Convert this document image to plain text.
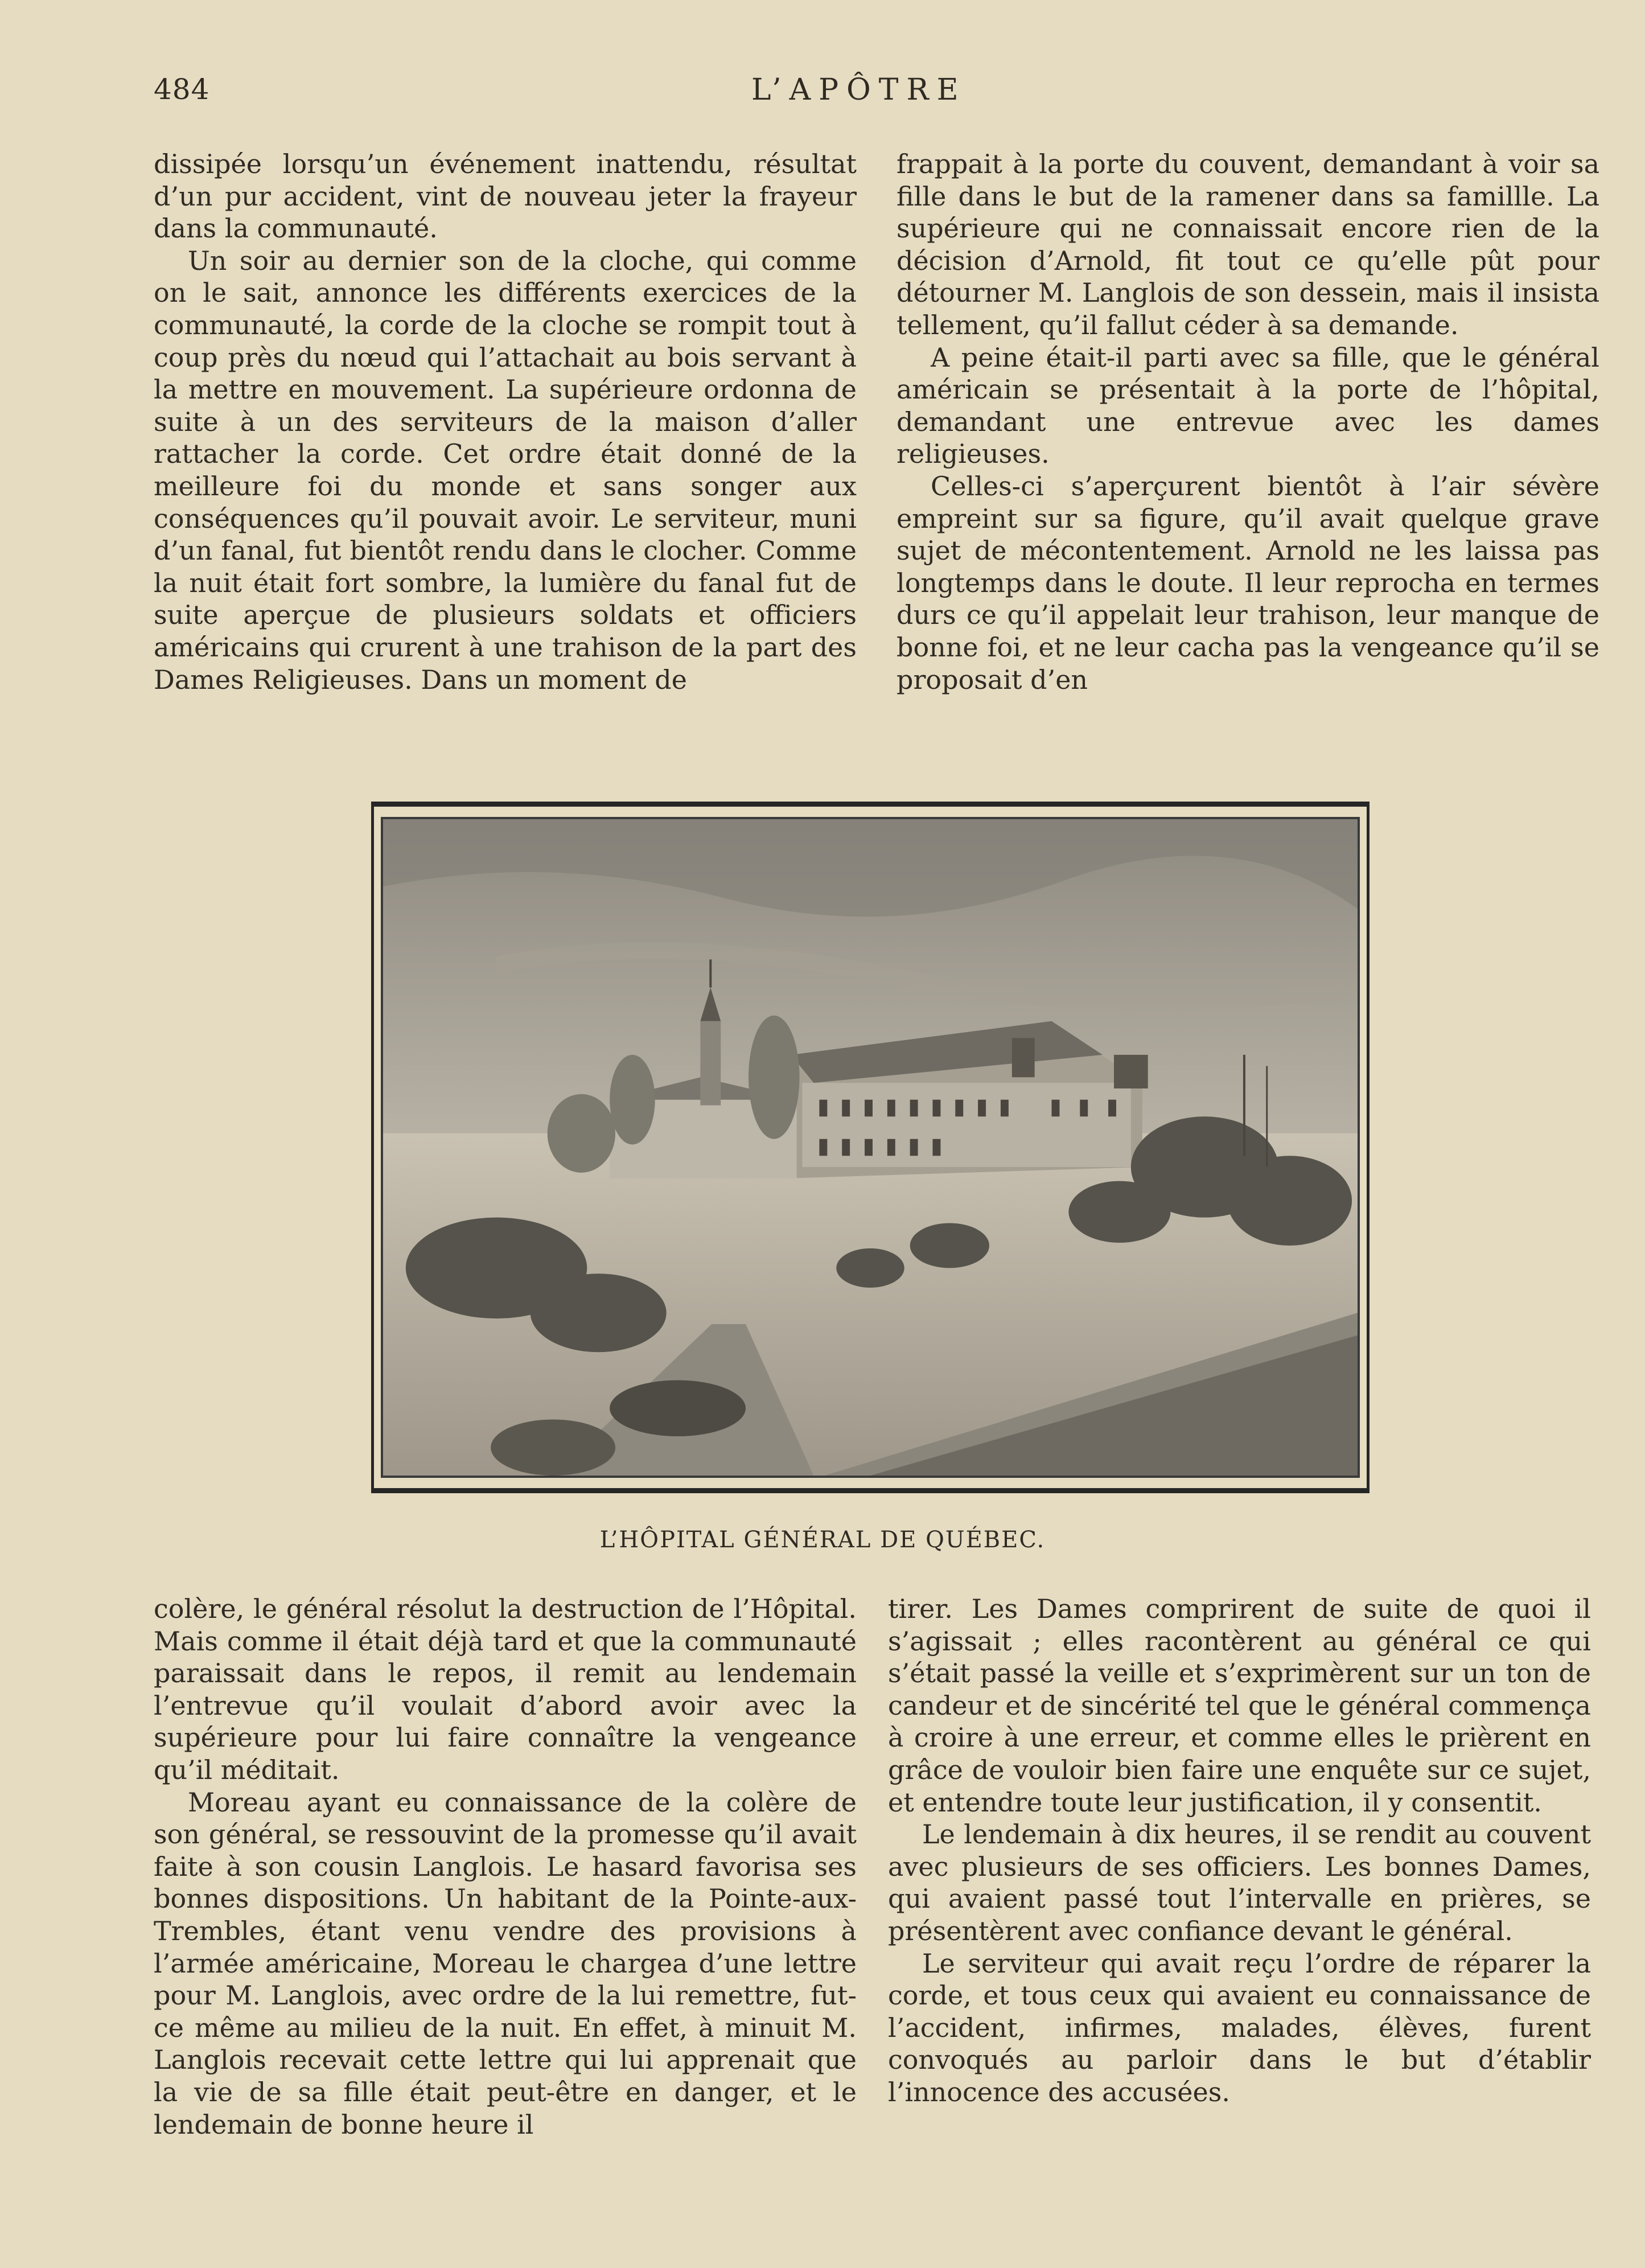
484	L’APÔTRE

dissipée lorsqu’un événement inattendu, résultat d’un pur accident, vint de nouveau jeter la frayeur dans la communauté.

Un soir au dernier son de la cloche, qui comme on le sait, annonce les différents exercices de la communauté, la corde de la cloche se rompit tout à coup près du nœud qui l’attachait au bois servant à la mettre en mouvement. La supérieure ordonna de suite à un des serviteurs de la maison d’aller rattacher la corde. Cet ordre était donné de la meilleure foi du monde et sans songer aux conséquences qu’il pouvait avoir. Le serviteur, muni d’un fanal, fut bientôt rendu dans le clocher. Comme la nuit était fort sombre, la lumière du fanal fut de suite aperçue de plusieurs soldats et officiers américains qui crurent à une trahison de la part des Dames Religieuses. Dans un moment de

frappait à la porte du couvent, demandant à voir sa fille dans le but de la ramener dans sa famillle. La supérieure qui ne connaissait encore rien de la décision d’Arnold, fit tout ce qu’elle pût pour détourner M. Langlois de son dessein, mais il insista tellement, qu’il fallut céder à sa demande.

A peine était-il parti avec sa fille, que le général américain se présentait à la porte de l’hôpital, demandant une entrevue avec les dames religieuses.

Celles-ci s’aperçurent bientôt à l’air sévère empreint sur sa figure, qu’il avait quelque grave sujet de mécontentement. Arnold ne les laissa pas longtemps dans le doute. Il leur reprocha en termes durs ce qu’il appelait leur trahison, leur manque de bonne foi, et ne leur cacha pas la vengeance qu’il se proposait d’en

L’HÔPITAL GÉNÉRAL DE QUÉBEC.

colère, le général résolut la destruction de l’Hôpital. Mais comme il était déjà tard et que la communauté paraissait dans le repos, il remit au lendemain l’entrevue qu’il voulait d’abord avoir avec la supérieure pour lui faire connaître la vengeance qu’il méditait.

Moreau ayant eu connaissance de la colère de son général, se ressouvint de la promesse qu’il avait faite à son cousin Langlois. Le hasard favorisa ses bonnes dispositions. Un habitant de la Pointe-aux-Trembles, étant venu vendre des provisions à l’armée américaine, Moreau le chargea d’une lettre pour M. Langlois, avec ordre de la lui remettre, fut-ce même au milieu de la nuit. En effet, à minuit M. Langlois recevait cette lettre qui lui apprenait que la vie de sa fille était peut-être en danger, et le lendemain de bonne heure il

tirer. Les Dames comprirent de suite de quoi il s’agissait ; elles racontèrent au général ce qui s’était passé la veille et s’exprimèrent sur un ton de candeur et de sincérité tel que le général commença à croire à une erreur, et comme elles le prièrent en grâce de vouloir bien faire une enquête sur ce sujet, et entendre toute leur justification, il y consentit.

Le lendemain à dix heures, il se rendit au couvent avec plusieurs de ses officiers. Les bonnes Dames, qui avaient passé tout l’intervalle en prières, se présentèrent avec confiance devant le général.

Le serviteur qui avait reçu l’ordre de réparer la corde, et tous ceux qui avaient eu connaissance de l’accident, infirmes, malades, élèves, furent convoqués au parloir dans le but d’établir l’innocence des accusées.
